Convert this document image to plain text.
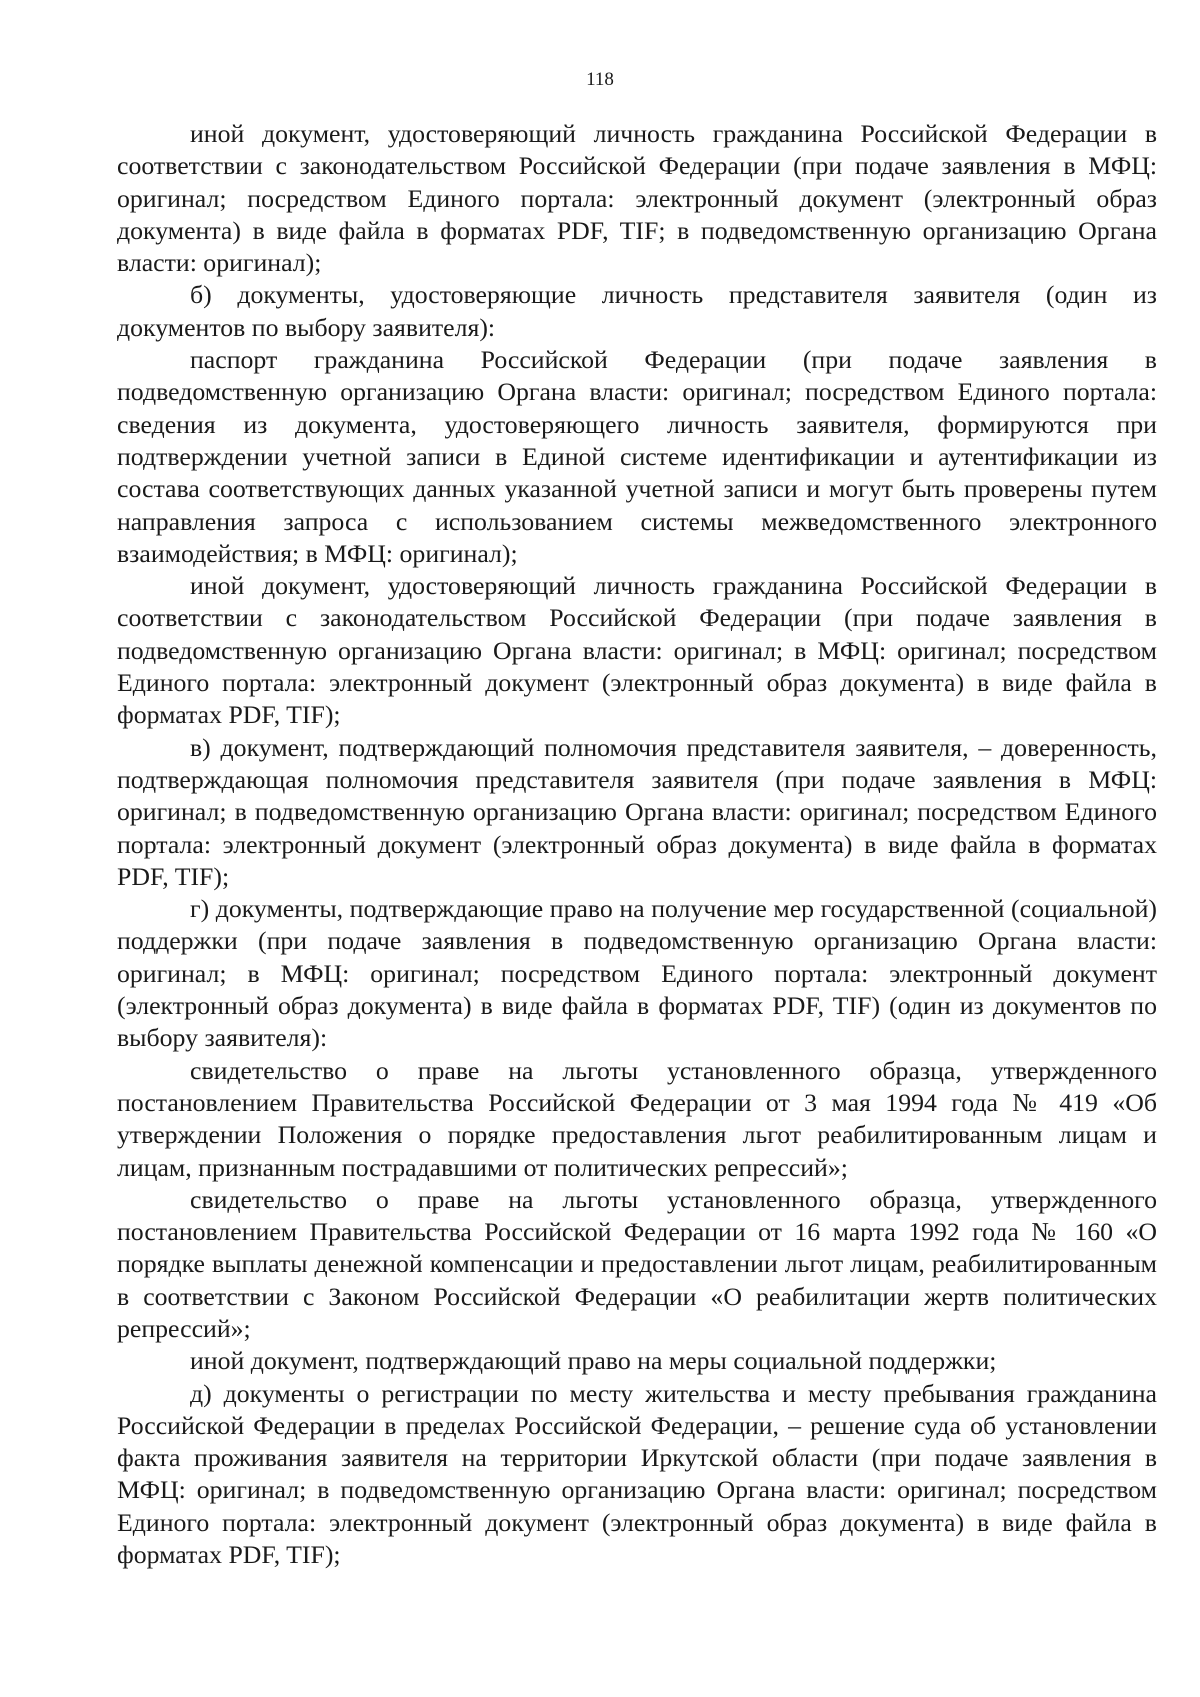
118

иной документ, удостоверяющий личность гражданина Российской Федерации в соответствии с законодательством Российской Федерации (при подаче заявления в МФЦ: оригинал; посредством Единого портала: электронный документ (электронный образ документа) в виде файла в форматах PDF, TIF; в подведомственную организацию Органа власти: оригинал);

б) документы, удостоверяющие личность представителя заявителя (один из документов по выбору заявителя):

паспорт гражданина Российской Федерации (при подаче заявления в подведомственную организацию Органа власти: оригинал; посредством Единого портала: сведения из документа, удостоверяющего личность заявителя, формируются при подтверждении учетной записи в Единой системе идентификации и аутентификации из состава соответствующих данных указанной учетной записи и могут быть проверены путем направления запроса с использованием системы межведомственного электронного взаимодействия; в МФЦ: оригинал);

иной документ, удостоверяющий личность гражданина Российской Федерации в соответствии с законодательством Российской Федерации (при подаче заявления в подведомственную организацию Органа власти: оригинал; в МФЦ: оригинал; посредством Единого портала: электронный документ (электронный образ документа) в виде файла в форматах PDF, TIF);

в) документ, подтверждающий полномочия представителя заявителя, – доверенность, подтверждающая полномочия представителя заявителя (при подаче заявления в МФЦ: оригинал; в подведомственную организацию Органа власти: оригинал; посредством Единого портала: электронный документ (электронный образ документа) в виде файла в форматах PDF, TIF);

г) документы, подтверждающие право на получение мер государственной (социальной) поддержки (при подаче заявления в подведомственную организацию Органа власти: оригинал; в МФЦ: оригинал; посредством Единого портала: электронный документ (электронный образ документа) в виде файла в форматах PDF, TIF) (один из документов по выбору заявителя):

свидетельство о праве на льготы установленного образца, утвержденного постановлением Правительства Российской Федерации от 3 мая 1994 года № 419 «Об утверждении Положения о порядке предоставления льгот реабилитированным лицам и лицам, признанным пострадавшими от политических репрессий»;

свидетельство о праве на льготы установленного образца, утвержденного постановлением Правительства Российской Федерации от 16 марта 1992 года № 160 «О порядке выплаты денежной компенсации и предоставлении льгот лицам, реабилитированным в соответствии с Законом Российской Федерации «О реабилитации жертв политических репрессий»;

иной документ, подтверждающий право на меры социальной поддержки;

д) документы о регистрации по месту жительства и месту пребывания гражданина Российской Федерации в пределах Российской Федерации, – решение суда об установлении факта проживания заявителя на территории Иркутской области (при подаче заявления в МФЦ: оригинал; в подведомственную организацию Органа власти: оригинал; посредством Единого портала: электронный документ (электронный образ документа) в виде файла в форматах PDF, TIF);
